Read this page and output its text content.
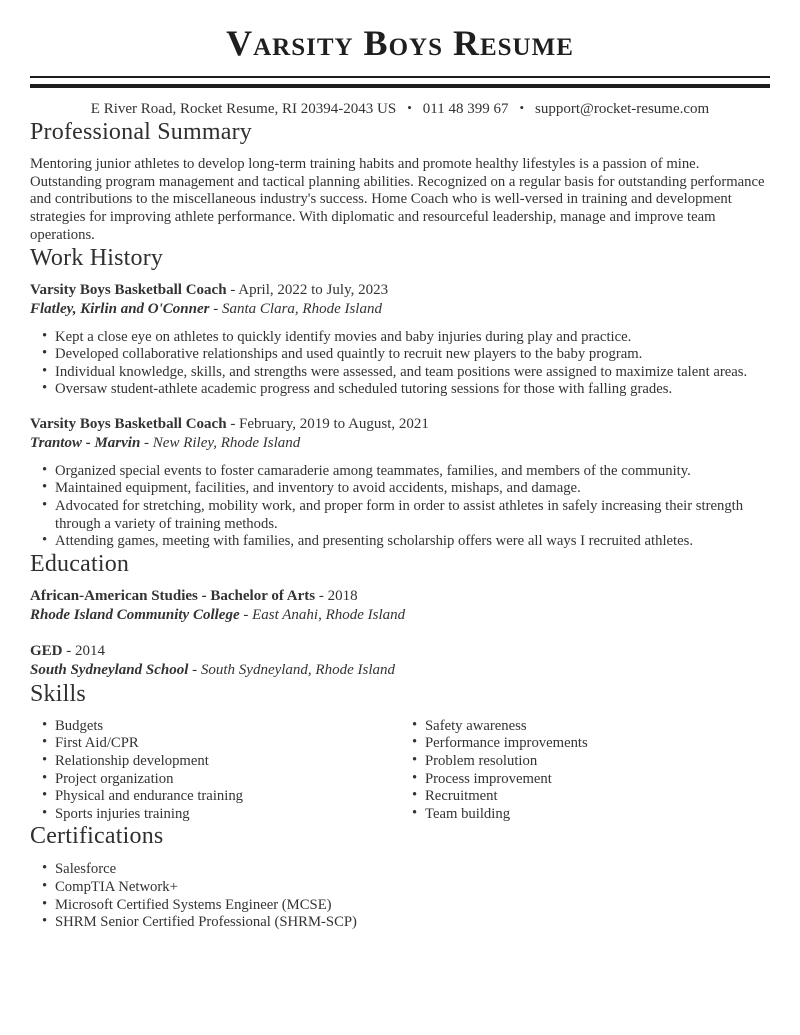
Varsity Boys Resume
E River Road, Rocket Resume, RI 20394-2043 US • 011 48 399 67 • support@rocket-resume.com
Professional Summary

Mentoring junior athletes to develop long-term training habits and promote healthy lifestyles is a passion of mine. Outstanding program management and tactical planning abilities. Recognized on a regular basis for outstanding performance and contributions to the miscellaneous industry's success. Home Coach who is well-versed in training and development strategies for improving athlete performance. With diplomatic and resourceful leadership, manage and improve team operations.

Work History
Varsity Boys Basketball Coach - April, 2022 to July, 2023
Flatley, Kirlin and O'Conner - Santa Clara, Rhode Island
• Kept a close eye on athletes to quickly identify movies and baby injuries during play and practice.
• Developed collaborative relationships and used quaintly to recruit new players to the baby program.
• Individual knowledge, skills, and strengths were assessed, and team positions were assigned to maximize talent areas.
• Oversaw student-athlete academic progress and scheduled tutoring sessions for those with falling grades.
Varsity Boys Basketball Coach - February, 2019 to August, 2021
Trantow - Marvin - New Riley, Rhode Island
• Organized special events to foster camaraderie among teammates, families, and members of the community.
• Maintained equipment, facilities, and inventory to avoid accidents, mishaps, and damage.
• Advocated for stretching, mobility work, and proper form in order to assist athletes in safely increasing their strength through a variety of training methods.
• Attending games, meeting with families, and presenting scholarship offers were all ways I recruited athletes.
Education
African-American Studies - Bachelor of Arts - 2018
Rhode Island Community College - East Anahi, Rhode Island
GED - 2014
South Sydneyland School - South Sydneyland, Rhode Island
Skills
• Budgets
• First Aid/CPR
• Relationship development
• Project organization
• Physical and endurance training
• Sports injuries training
• Safety awareness
• Performance improvements
• Problem resolution
• Process improvement
• Recruitment
• Team building
Certifications
• Salesforce
• CompTIA Network+
• Microsoft Certified Systems Engineer (MCSE)
• SHRM Senior Certified Professional (SHRM-SCP)
